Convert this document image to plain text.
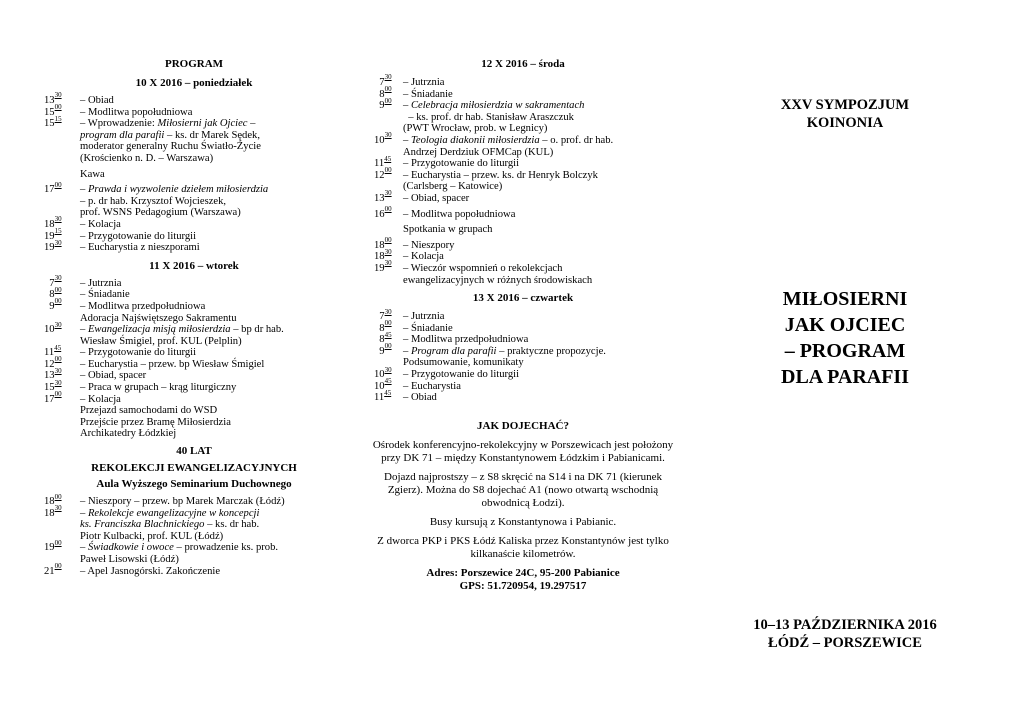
PROGRAM
10 X 2016 – poniedziałek
$13^{30}$ – Obiad
$15^{00}$ – Modlitwa popołudniowa
$15^{15}$ – Wprowadzenie: Miłosierni jak Ojciec –
program dla parafii – ks. dr Marek Sędek,
moderator generalny Ruchu Światło-Życie
(Krościenko n. D. – Warszawa)
Kawa
$17^{00}$ – Prawda i wyzwolenie dziełem miłosierdzia
– p. dr hab. Krzysztof Wojcieszek,
prof. WSNS Pedagogium (Warszawa)
$18^{30}$ – Kolacja
$19^{15}$ – Przygotowanie do liturgii
$19^{30}$ – Eucharystia z nieszporami
11 X 2016 – wtorek
$7^{30}$ – Jutrznia
$8^{00}$ – Śniadanie
$9^{00}$ – Modlitwa przedpołudniowa
Adoracja Najświętszego Sakramentu
$10^{30}$ – Ewangelizacja misją miłosierdzia – bp dr hab.
Wiesław Śmigiel, prof. KUL (Pelplin)
$11^{45}$ – Przygotowanie do liturgii
$12^{00}$ – Eucharystia – przew. bp Wiesław Śmigiel
$13^{30}$ – Obiad, spacer
$15^{30}$ – Praca w grupach – krąg liturgiczny
$17^{00}$ – Kolacja
Przejazd samochodami do WSD
Przejście przez Bramę Miłosierdzia
Archikatedry Łódzkiej
40 LAT
REKOLEKCJI EWANGELIZACYJNYCH
Aula Wyższego Seminarium Duchownego
$18^{00}$ – Nieszpory – przew. bp Marek Marczak (Łódź)
$18^{30}$ – Rekolekcje ewangelizacyjne w koncepcji
ks. Franciszka Blachnickiego – ks. dr hab.
Piotr Kulbacki, prof. KUL (Łódź)
$19^{00}$ – Świadkowie i owoce – prowadzenie ks. prob.
Paweł Lisowski (Łódź)
$21^{00}$ – Apel Jasnogórski. Zakończenie
12 X 2016 – środa
$7^{30}$ – Jutrznia
$8^{00}$ – Śniadanie
$9^{00}$ – Celebracja miłosierdzia w sakramentach
– ks. prof. dr hab. Stanisław Araszczuk
(PWT Wrocław, prob. w Legnicy)
$10^{30}$ – Teologia diakonii miłosierdzia – o. prof. dr hab.
Andrzej Derdziuk OFMCap (KUL)
$11^{45}$ – Przygotowanie do liturgii
$12^{00}$ – Eucharystia – przew. ks. dr Henryk Bolczyk
(Carlsberg – Katowice)
$13^{30}$ – Obiad, spacer
$16^{00}$ – Modlitwa popołudniowa
Spotkania w grupach
$18^{00}$ – Nieszpory
$18^{30}$ – Kolacja
$19^{30}$ – Wieczór wspomnień o rekolekcjach
ewangelizacyjnych w różnych środowiskach
13 X 2016 – czwartek
$7^{30}$ – Jutrznia
$8^{00}$ – Śniadanie
$8^{45}$ – Modlitwa przedpołudniowa
$9^{00}$ – Program dla parafii – praktyczne propozycje.
Podsumowanie, komunikaty
$10^{30}$ – Przygotowanie do liturgii
$10^{45}$ – Eucharystia
$11^{45}$ – Obiad
JAK DOJECHAĆ?
Ośrodek konferencyjno-rekolekcyjny w Porszewicach jest położony przy DK 71 – między Konstantynowem Łódzkim i Pabianicami.
Dojazd najprostszy – z S8 skręcić na S14 i na DK 71 (kierunek Zgierz). Można do S8 dojechać A1 (nowo otwartą wschodnią obwodnicą Łodzi).
Busy kursują z Konstantynowa i Pabianic.
Z dworca PKP i PKS Łódź Kaliska przez Konstantynów jest tylko kilkanaście kilometrów.
Adres: Porszewice 24C, 95-200 Pabianice
GPS: 51.720954, 19.297517
XXV SYMPOZJUM
KOINONIA
MIŁOSIERNI
JAK OJCIEC
– PROGRAM
DLA PARAFII
10–13 PAŹDZIERNIKA 2016
ŁÓDŹ – PORSZEWICE
